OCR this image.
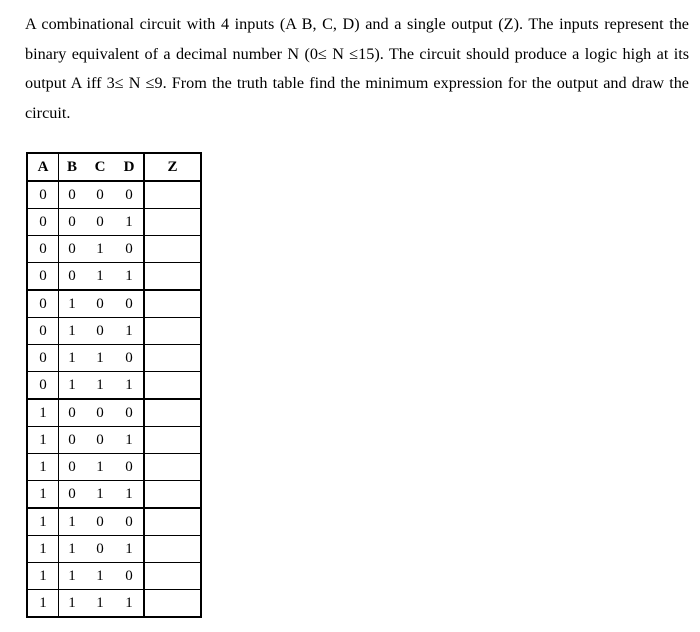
A combinational circuit with 4 inputs (A B, C, D) and a single output (Z). The inputs represent the binary equivalent of a decimal number N (0≤ N ≤15). The circuit should produce a logic high at its output A iff 3≤ N ≤9. From the truth table find the minimum expression for the output and draw the circuit.

A	B	C	D	Z
0	0	0	0	
0	0	0	1	
0	0	1	0	
0	0	1	1	
0	1	0	0	
0	1	0	1	
0	1	1	0	
0	1	1	1	
1	0	0	0	
1	0	0	1	
1	0	1	0	
1	0	1	1	
1	1	0	0	
1	1	0	1	
1	1	1	0	
1	1	1	1	
